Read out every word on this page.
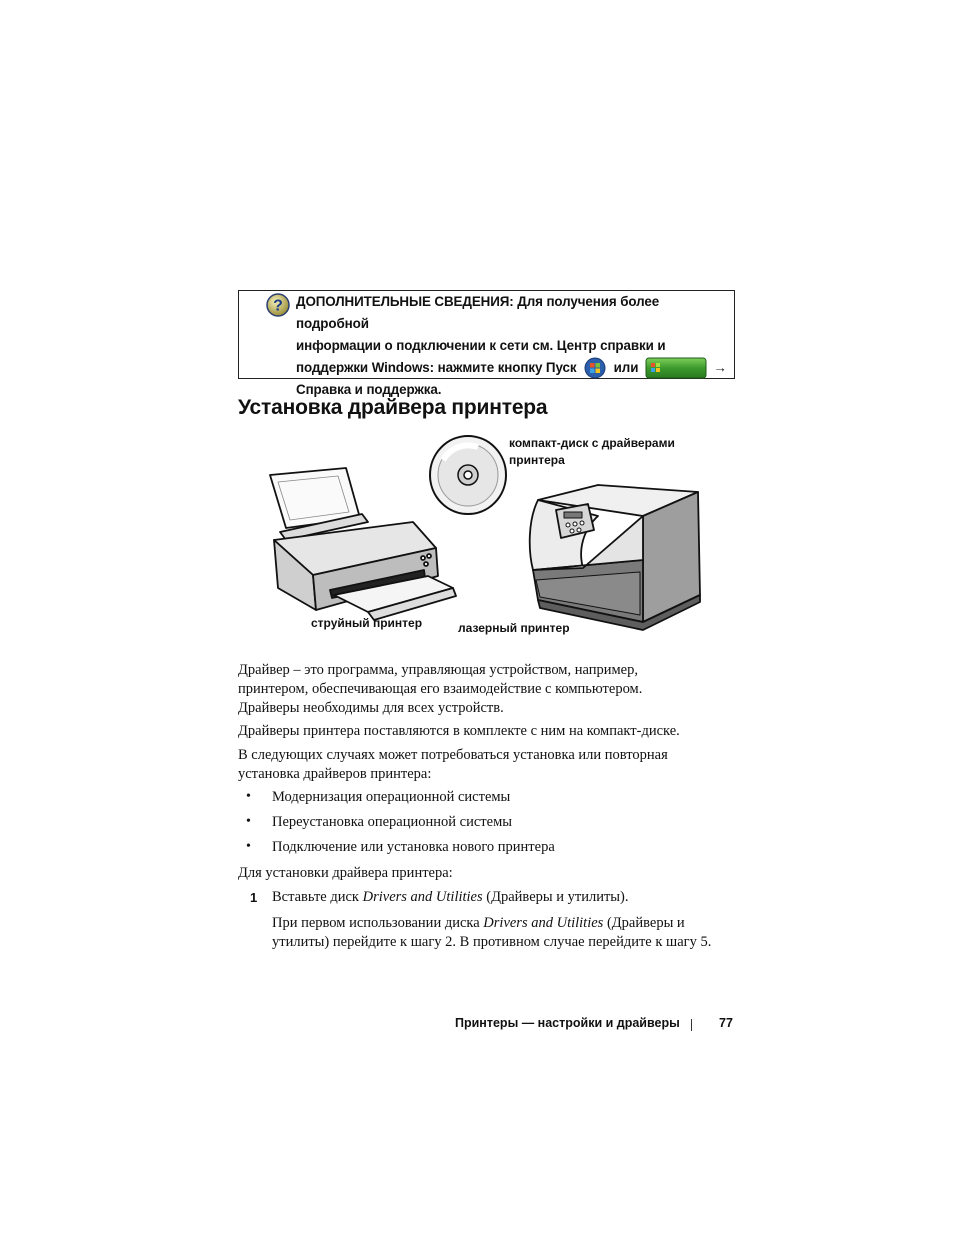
? ДОПОЛНИТЕЛЬНЫЕ СВЕДЕНИЯ: Для получения более подробной
информации о подключении к сети см. Центр справки и
поддержки Windows: нажмите кнопку Пуск	или	→
Справка и поддержка.
Установка драйвера принтера
компакт-диск с драйверами
принтера
струйный принтер	лазерный принтер
Драйвер – это программа, управляющая устройством, например,
принтером, обеспечивающая его взаимодействие с компьютером.
Драйверы необходимы для всех устройств.
Драйверы принтера поставляются в комплекте с ним на компакт-диске.
В следующих случаях может потребоваться установка или повторная
установка драйверов принтера:
• Модернизация операционной системы
• Переустановка операционной системы
• Подключение или установка нового принтера
Для установки драйвера принтера:
1 Вставьте диск Drivers and Utilities (Драйверы и утилиты).
При первом использовании диска Drivers and Utilities (Драйверы и
утилиты) перейдите к шагу 2. В противном случае перейдите к шагу 5.
Принтеры — настройки и драйверы	77
